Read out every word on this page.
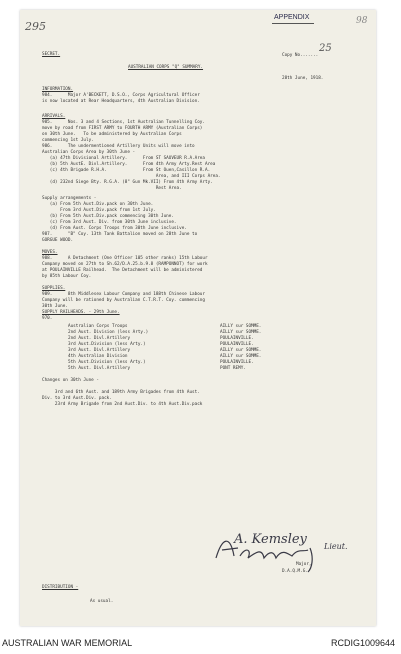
295
APPENDIX	98
SECRET.	Copy No.......
25
AUSTRALIAN CORPS "Q" SUMMARY.
28th June, 1918.
INFORMATION.
984.      Major A'BECKETT, D.S.O., Corps Agricultural Officer
is now located at Rear Headquarters, 4th Australian Division.
ARRIVALS.
985.      Nos. 3 and 4 Sections, 1st Australian Tunnelling Coy.
move by road from FIRST ARMY to FOURTH ARMY (Australian Corps)
on 30th June.   To be administered by Australian Corps
commencing 1st July.
986.      The undermentioned Artillery Units will move into
Australian Corps Area by 30th June -
(a) 47th Divisional Artillery.      From ST SAUVEUR R.A.Area
(b) 5th AustE. Divl.Artillery.      From 4th Army Arty.Rest Area
(c) 4th Brigade R.H.A.              From St Ouen,Casillon R.A.
Area, and III Corps Area.
(d) 232nd Siege Bty. R.G.A. (8" Gun Mk.VII) From 4th Army Arty.
Rest Area.
Supply arrangements -
(a) From 5th Aust.Div.pack on 30th June.
From 3rd Aust.Div.pack from 1st July.
(b) From 5th Aust.Div.pack commencing 30th June.
(c) From 3rd Aust. Div. from 30th June inclusive.
(d) From Aust. Corps Troops from 30th June inclusive.
987.      "B" Coy. 13th Tank Battalion moved on 28th June to
GORGUE WOOD.
MOVES.
988.      A Detachment (One Officer 105 other ranks) 15th Labour
Company moved on 27th to Sh.62/D.A.25.b.9.8 (RAMPONNOT) for work
at POULAINVILLE Railhead.  The Detachment will be administered
by 85th Labour Coy.
SUPPLIES.
989.      8th Middlesex Labour Company and 188th Chinese Labour
Company will be rationed by Australian C.T.R.T. Coy. commencing
30th June.
SUPPLY RAILHEADS. - 29th June.
970.
Australian Corps Troops	AILLY sur SOMME.
2nd Aust. Division (less Arty.)	AILLY sur SOMME.
2nd Aust. Divl.Artillery	POULAINVILLE.
3rd Aust.Division (less Arty.)	POULAINVILLE.
3rd Aust. Divl.Artillery	AILLY sur SOMME.
4th Australian Division	AILLY sur SOMME.
5th Aust.Division (less Arty.)	POULAINVILLE.
5th Aust. Divl.Artillery	PONT REMY.
Changes on 30th June -
3rd and 6th Aust. and 189th Army Brigades from 4th Aust.
Div. to 3rd Aust.Div. pack.
23rd Army Brigade from 2nd Aust.Div. to 4th Aust.Div.pack
A. Kemsley Lieut.
Major,
D.A.Q.M.G.
DISTRIBUTION -
As usual.
AUSTRALIAN WAR MEMORIAL	RCDIG1009644
